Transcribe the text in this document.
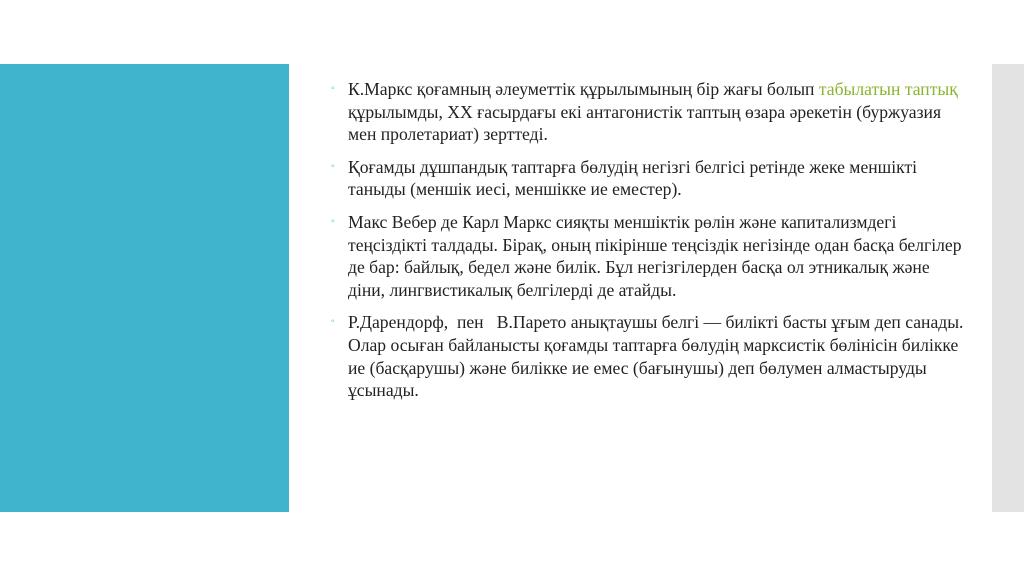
◦ К.Маркс қоғамның әлеуметтік құрылымының бір жағы болып табылатын таптық құрылымды, ХХ ғасырдағы екі антагонистік таптың өзара әрекетін (буржуазия мен пролетариат) зерттеді.
◦ Қоғамды дұшпандық таптарға бөлудің негізгі белгісі ретінде жеке меншікті таныды (меншік иесі, меншікке ие еместер).
◦ Макс Вебер де Карл Маркс сияқты меншіктік рөлін және капитализмдегі теңсіздікті талдады. Бірақ, оның пікірінше теңсіздік негізінде одан басқа белгілер де бар: байлық, бедел және билік. Бұл негізгілерден басқа ол этникалық және діни, лингвистикалық белгілерді де атайды.
◦ Р.Дарендорф,  пен   В.Парето анықтаушы белгі — билікті басты ұғым деп санады. Олар осыған байланысты қоғамды таптарға бөлудің марксистік бөлінісін билікке ие (басқарушы) және билікке ие емес (бағынушы) деп бөлумен алмастыруды ұсынады.
